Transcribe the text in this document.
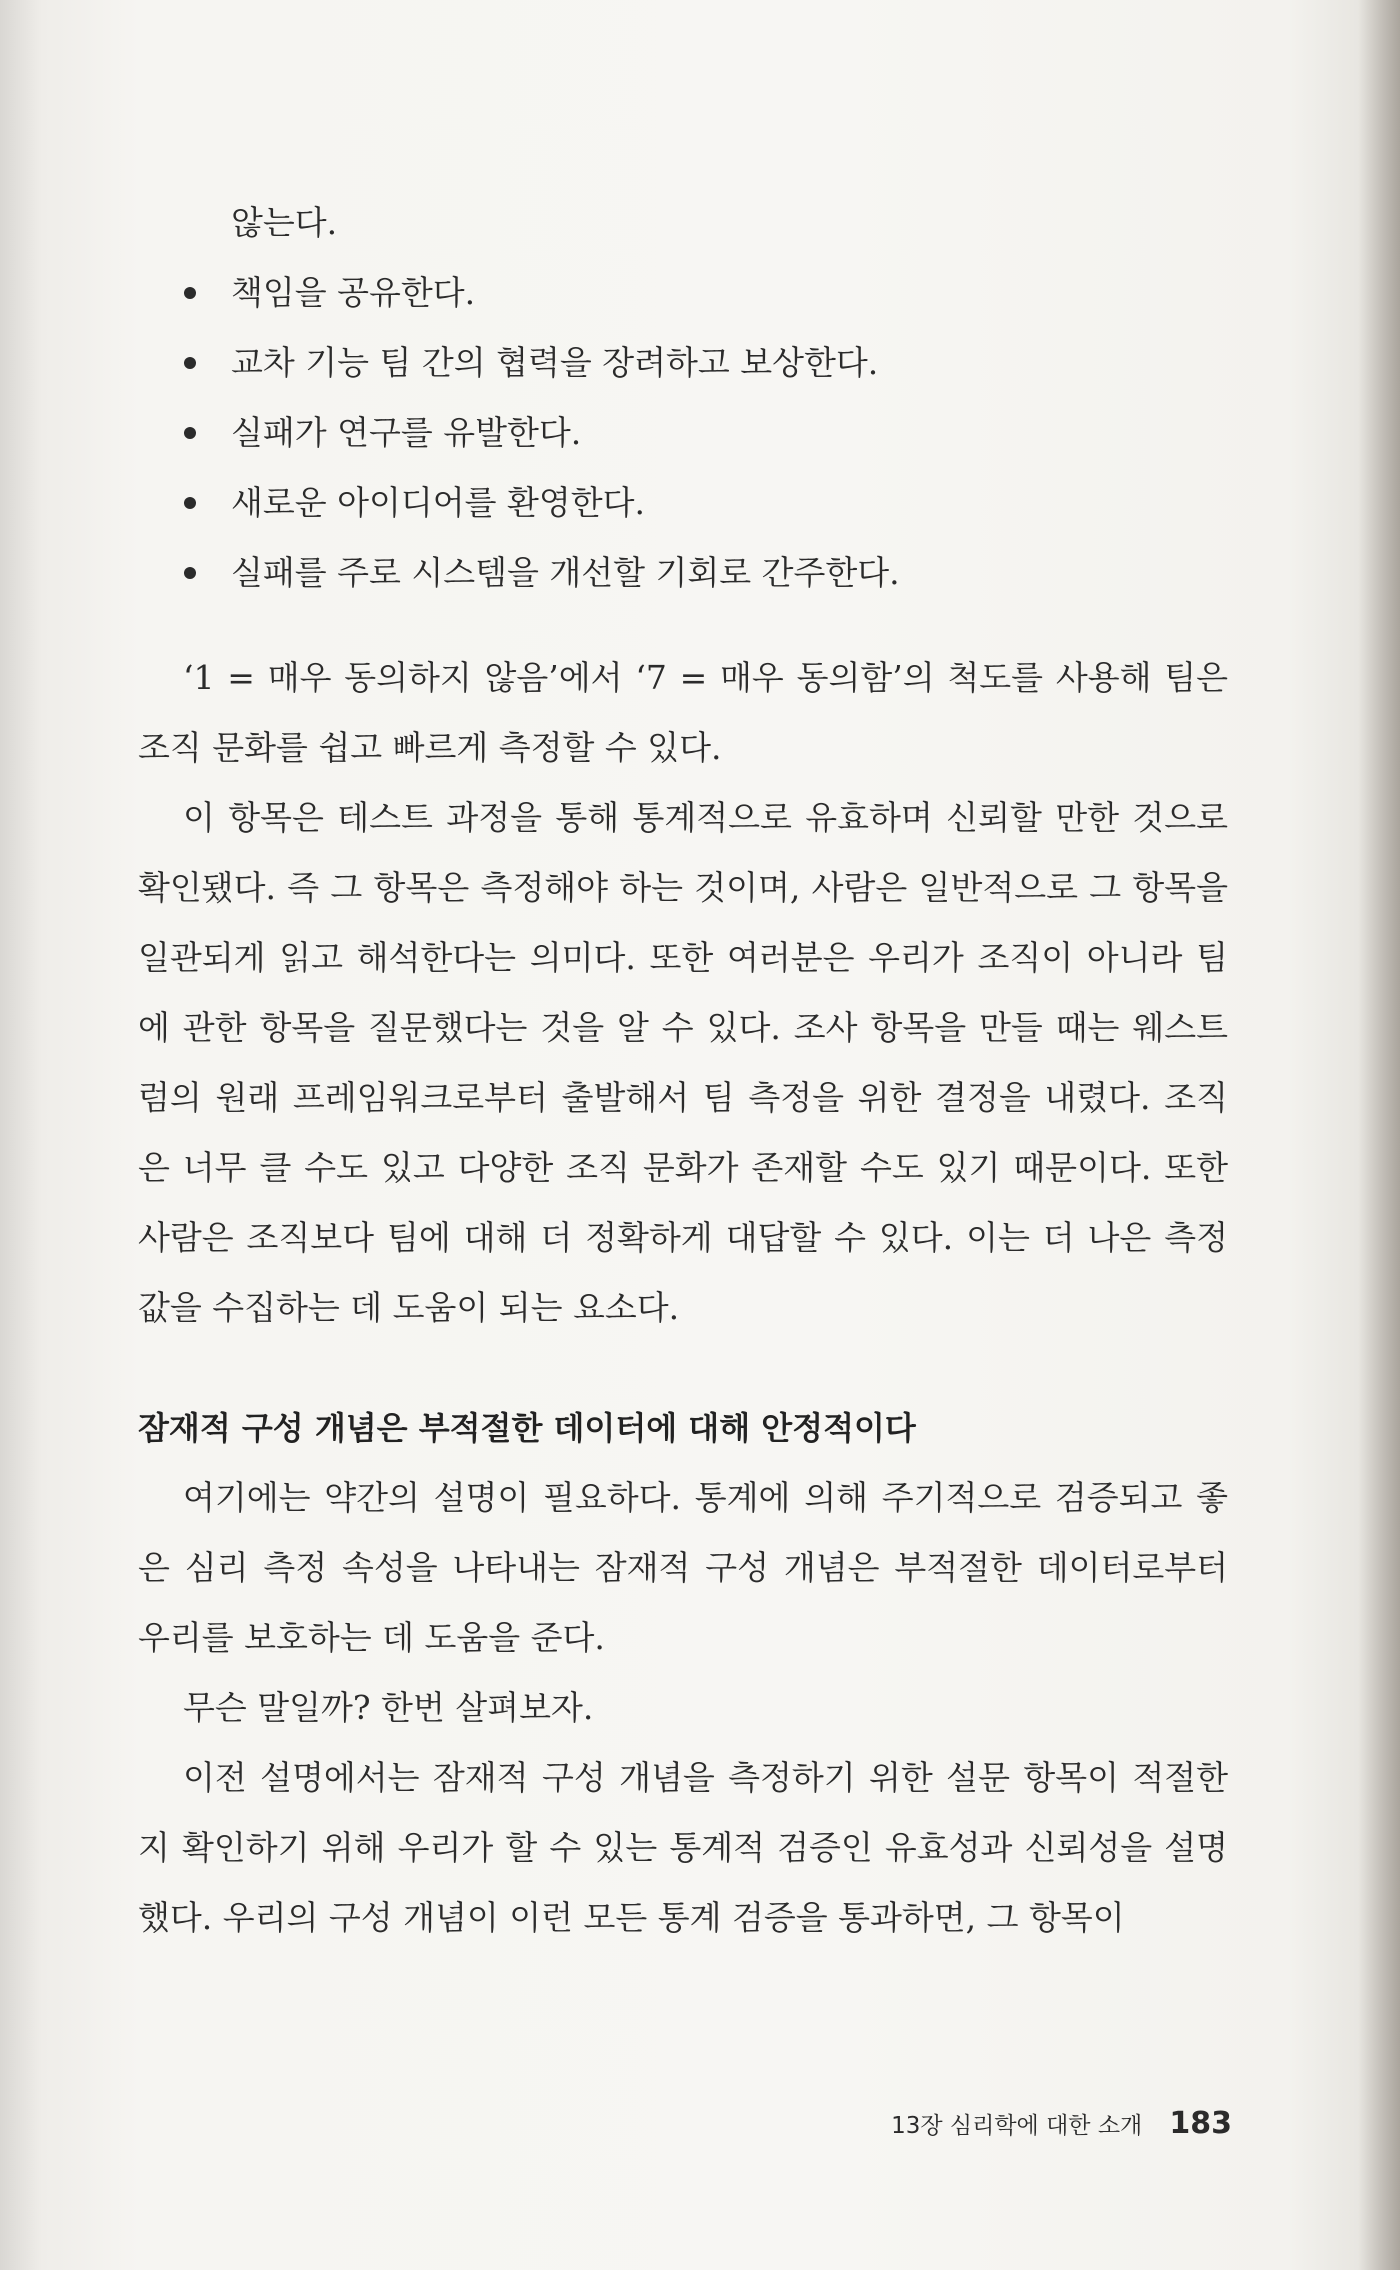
않는다.
책임을 공유한다.
교차 기능 팀 간의 협력을 장려하고 보상한다.
실패가 연구를 유발한다.
새로운 아이디어를 환영한다.
실패를 주로 시스템을 개선할 기회로 간주한다.

‘1 = 매우 동의하지 않음’에서 ‘7 = 매우 동의함’의 척도를 사용해 팀은 조직 문화를 쉽고 빠르게 측정할 수 있다.

이 항목은 테스트 과정을 통해 통계적으로 유효하며 신뢰할 만한 것으로 확인됐다. 즉 그 항목은 측정해야 하는 것이며, 사람은 일반적으로 그 항목을 일관되게 읽고 해석한다는 의미다. 또한 여러분은 우리가 조직이 아니라 팀에 관한 항목을 질문했다는 것을 알 수 있다. 조사 항목을 만들 때는 웨스트럼의 원래 프레임워크로부터 출발해서 팀 측정을 위한 결정을 내렸다. 조직은 너무 클 수도 있고 다양한 조직 문화가 존재할 수도 있기 때문이다. 또한 사람은 조직보다 팀에 대해 더 정확하게 대답할 수 있다. 이는 더 나은 측정값을 수집하는 데 도움이 되는 요소다.

잠재적 구성 개념은 부적절한 데이터에 대해 안정적이다

여기에는 약간의 설명이 필요하다. 통계에 의해 주기적으로 검증되고 좋은 심리 측정 속성을 나타내는 잠재적 구성 개념은 부적절한 데이터로부터 우리를 보호하는 데 도움을 준다.

무슨 말일까? 한번 살펴보자.

이전 설명에서는 잠재적 구성 개념을 측정하기 위한 설문 항목이 적절한지 확인하기 위해 우리가 할 수 있는 통계적 검증인 유효성과 신뢰성을 설명했다. 우리의 구성 개념이 이런 모든 통계 검증을 통과하면, 그 항목이

13장 심리학에 대한 소개 183
